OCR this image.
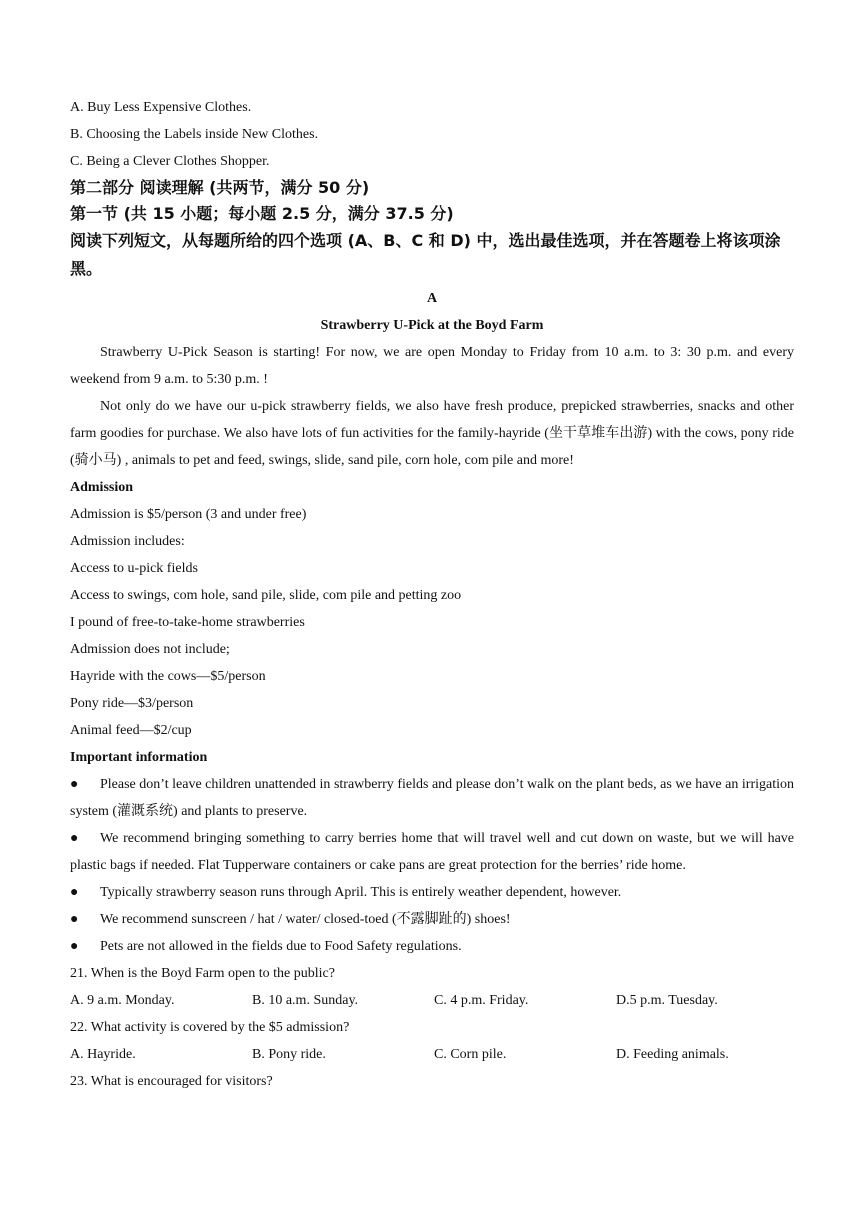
A. Buy Less Expensive Clothes.
B. Choosing the Labels inside New Clothes.
C. Being a Clever Clothes Shopper.
第二部分 阅读理解 (共两节，满分 50 分)
第一节 (共 15 小题；每小题 2.5 分，满分 37.5 分)
阅读下列短文，从每题所给的四个选项 (A、B、C 和 D) 中，选出最佳选项，并在答题卷上将该项涂黑。
A
Strawberry U-Pick at the Boyd Farm
Strawberry U-Pick Season is starting! For now, we are open Monday to Friday from 10 a.m. to 3: 30 p.m. and every weekend from 9 a.m. to 5:30 p.m. !
Not only do we have our u-pick strawberry fields, we also have fresh produce, prepicked strawberries, snacks and other farm goodies for purchase. We also have lots of fun activities for the family-hayride (坐干草堆车出游) with the cows, pony ride (骑小马) , animals to pet and feed, swings, slide, sand pile, corn hole, com pile and more!
Admission
Admission is $5/person (3 and under free)
Admission includes:
Access to u-pick fields
Access to swings, com hole, sand pile, slide, com pile and petting zoo
I pound of free-to-take-home strawberries
Admission does not include;
Hayride with the cows—$5/person
Pony ride—$3/person
Animal feed—$2/cup
Important information
● Please don’t leave children unattended in strawberry fields and please don’t walk on the plant beds, as we have an irrigation system (灌溉系统) and plants to preserve.
● We recommend bringing something to carry berries home that will travel well and cut down on waste, but we will have plastic bags if needed. Flat Tupperware containers or cake pans are great protection for the berries’ ride home.
●	Typically strawberry season runs through April. This is entirely weather dependent, however.
●	We recommend sunscreen / hat / water/ closed-toed (不露脚趾的) shoes!
●	Pets are not allowed in the fields due to Food Safety regulations.
21. When is the Boyd Farm open to the public?
A. 9 a.m. Monday.	B. 10 a.m. Sunday.	C. 4 p.m. Friday.	D.5 p.m. Tuesday.
22. What activity is covered by the $5 admission?
A. Hayride.	B. Pony ride.	C. Corn pile.	D. Feeding animals.
23. What is encouraged for visitors?
